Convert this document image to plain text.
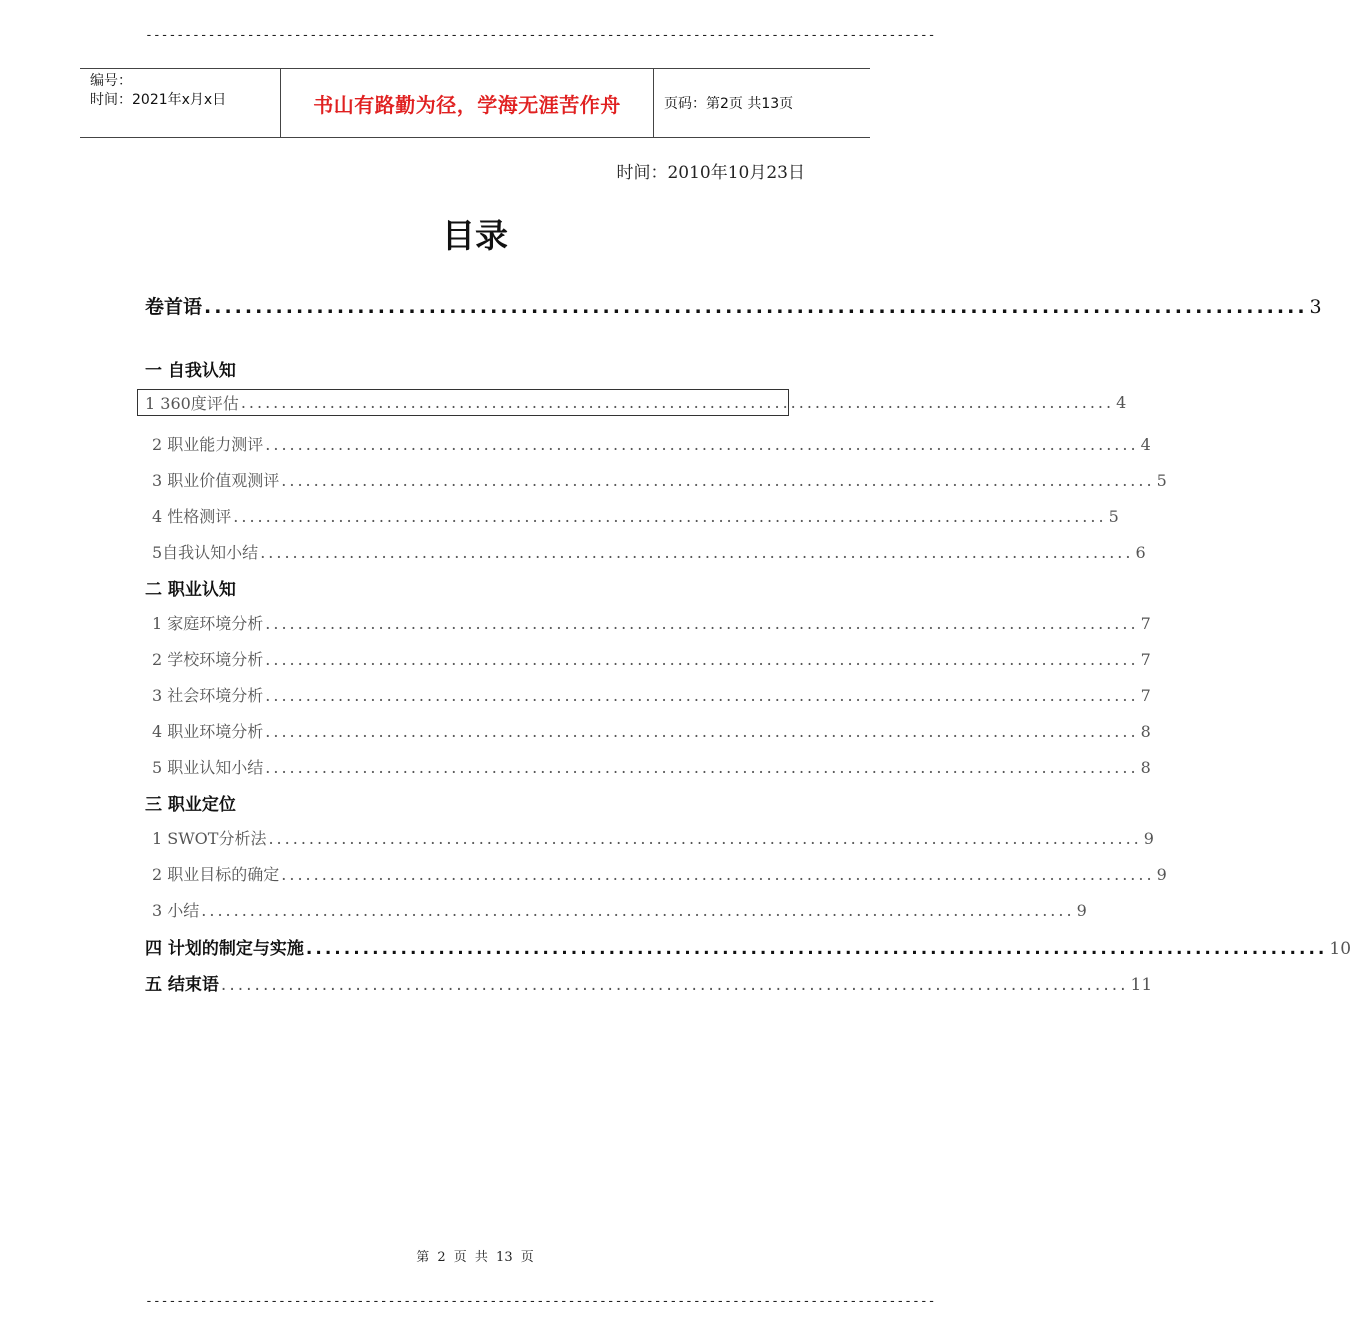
-----------------------------------------------------------------------------------------------------
编号：
时间：2021年x月x日	书山有路勤为径，学海无涯苦作舟	页码：第2页 共13页
时间：2010年10月23日
目录
卷首语 ............................................................................................................ 3
一 自我认知
1 360度评估 ............................................................................................................ 4
2 职业能力测评 ............................................................................................................ 4
3 职业价值观测评 ............................................................................................................ 5
4 性格测评 ............................................................................................................ 5
5自我认知小结 ............................................................................................................ 6
二 职业认知
1 家庭环境分析 ............................................................................................................ 7
2 学校环境分析 ............................................................................................................ 7
3 社会环境分析 ............................................................................................................ 7
4 职业环境分析 ............................................................................................................ 8
5 职业认知小结 ............................................................................................................ 8
三 职业定位
1 SWOT分析法 ............................................................................................................ 9
2 职业目标的确定 ............................................................................................................ 9
3 小结 ............................................................................................................ 9
四 计划的制定与实施 ............................................................................................................ 10
五 结束语 ............................................................................................................ 11
第 2 页 共 13 页
-----------------------------------------------------------------------------------------------------
